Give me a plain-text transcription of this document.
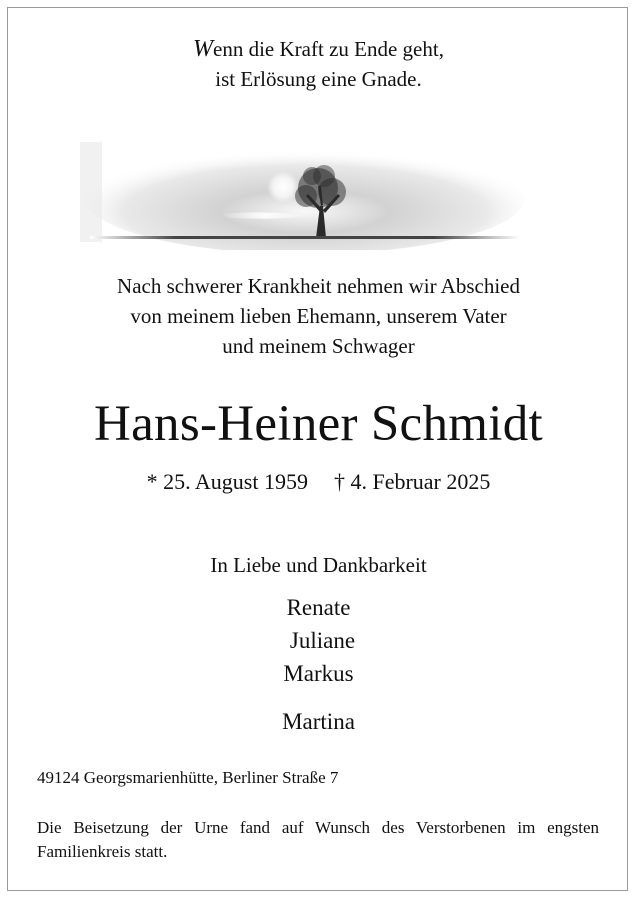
Wenn die Kraft zu Ende geht,
ist Erlösung eine Gnade.
Nach schwerer Krankheit nehmen wir Abschied
von meinem lieben Ehemann, unserem Vater
und meinem Schwager
Hans-Heiner Schmidt
* 25. August 1959 † 4. Februar 2025
In Liebe und Dankbarkeit
Renate
Juliane
Markus
Martina
49124 Georgsmarienhütte, Berliner Straße 7
Die Beisetzung der Urne fand auf Wunsch des Verstorbenen im engsten Familienkreis statt.
